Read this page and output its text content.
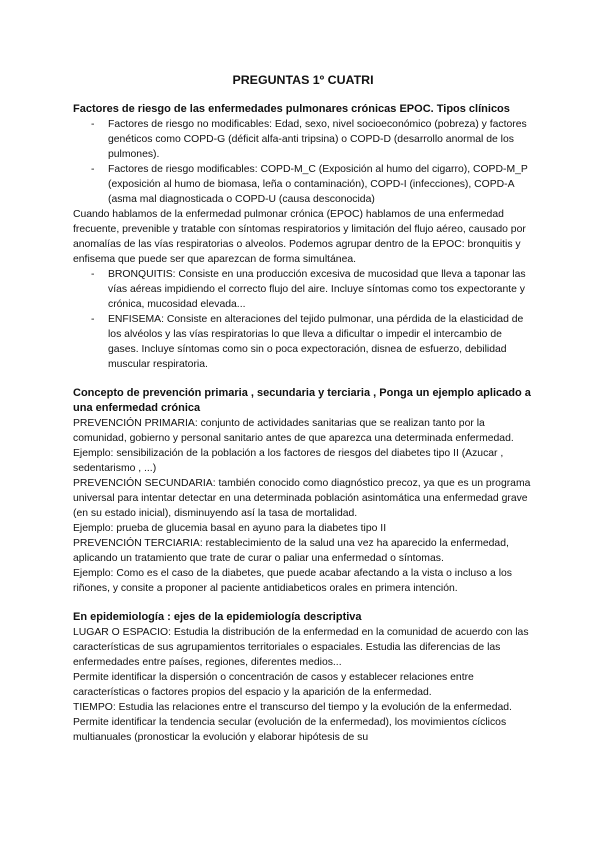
PREGUNTAS 1º CUATRI
Factores de riesgo de las enfermedades pulmonares crónicas EPOC. Tipos clínicos
- Factores de riesgo no modificables: Edad, sexo, nivel socioeconómico (pobreza) y factores genéticos como COPD-G (déficit alfa-anti tripsina) o COPD-D (desarrollo anormal de los pulmones).
- Factores de riesgo modificables: COPD-M_C (Exposición al humo del cigarro), COPD-M_P (exposición al humo de biomasa, leña o contaminación), COPD-I (infecciones), COPD-A (asma mal diagnosticada o COPD-U (causa desconocida)

Cuando hablamos de la enfermedad pulmonar crónica (EPOC) hablamos de una enfermedad frecuente, prevenible y tratable con síntomas respiratorios y limitación del flujo aéreo, causado por anomalías de las vías respiratorias o alveolos. Podemos agrupar dentro de la EPOC: bronquitis y enfisema que puede ser que aparezcan de forma simultánea.

- BRONQUITIS: Consiste en una producción excesiva de mucosidad que lleva a taponar las vías aéreas impidiendo el correcto flujo del aire. Incluye síntomas como tos expectorante y crónica, mucosidad elevada...
- ENFISEMA: Consiste en alteraciones del tejido pulmonar, una pérdida de la elasticidad de los alvéolos y las vías respiratorias lo que lleva a dificultar o impedir el intercambio de gases. Incluye síntomas como sin o poca expectoración, disnea de esfuerzo, debilidad muscular respiratoria.
Concepto de prevención primaria , secundaria y terciaria , Ponga un ejemplo aplicado a una enfermedad crónica

PREVENCIÓN PRIMARIA: conjunto de actividades sanitarias que se realizan tanto por la comunidad, gobierno y personal sanitario antes de que aparezca una determinada enfermedad.

Ejemplo: sensibilización de la población a los factores de riesgos del diabetes tipo II (Azucar , sedentarismo , ...)

PREVENCIÓN SECUNDARIA: también conocido como diagnóstico precoz, ya que es un programa universal para intentar detectar en una determinada población asintomática una enfermedad grave (en su estado inicial), disminuyendo así la tasa de mortalidad.

Ejemplo: prueba de glucemia basal en ayuno para la diabetes tipo II

PREVENCIÓN TERCIARIA: restablecimiento de la salud una vez ha aparecido la enfermedad, aplicando un tratamiento que trate de curar o paliar una enfermedad o síntomas.

Ejemplo: Como es el caso de la diabetes, que puede acabar afectando a la vista o incluso a los riñones, y consite a proponer al paciente antidiabeticos orales en primera intención.

En epidemiología : ejes de la epidemiología descriptiva

LUGAR O ESPACIO: Estudia la distribución de la enfermedad en la comunidad de acuerdo con las características de sus agrupamientos territoriales o espaciales. Estudia las diferencias de las enfermedades entre países, regiones, diferentes medios...

Permite identificar la dispersión o concentración de casos y establecer relaciones entre características o factores propios del espacio y la aparición de la enfermedad.

TIEMPO: Estudia las relaciones entre el transcurso del tiempo y la evolución de la enfermedad. Permite identificar la tendencia secular (evolución de la enfermedad), los movimientos cíclicos multianuales (pronosticar la evolución y elaborar hipótesis de su
